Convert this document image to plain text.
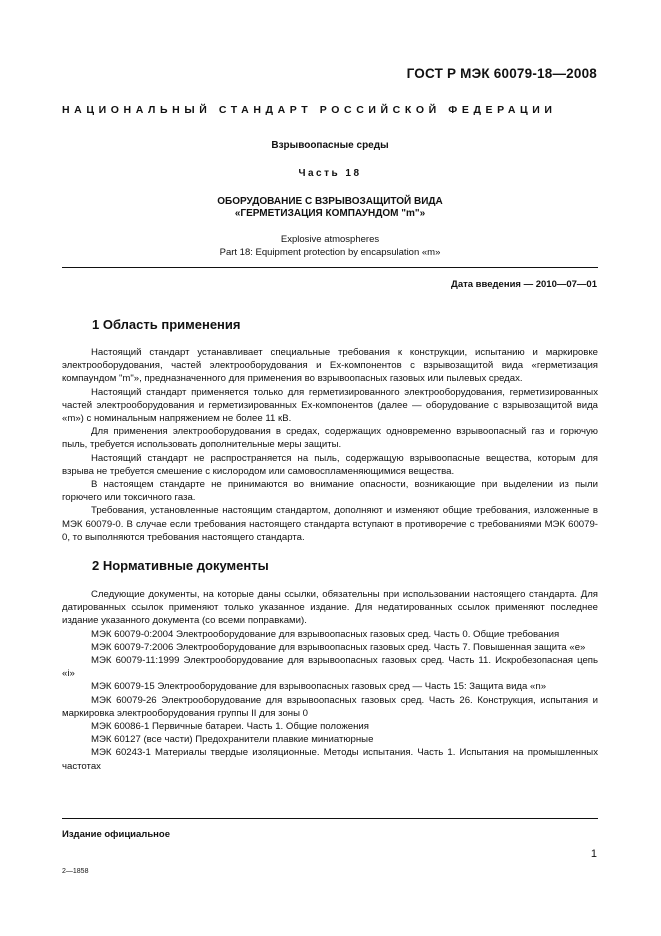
ГОСТ Р МЭК 60079-18—2008
НАЦИОНАЛЬНЫЙ СТАНДАРТ РОССИЙСКОЙ ФЕДЕРАЦИИ
Взрывоопасные среды
Часть 18
ОБОРУДОВАНИЕ С ВЗРЫВОЗАЩИТОЙ ВИДА
«ГЕРМЕТИЗАЦИЯ КОМПАУНДОМ "m"»
Explosive atmospheres
Part 18: Equipment protection by encapsulation «m»
Дата введения — 2010—07—01
1 Область применения

Настоящий стандарт устанавливает специальные требования к конструкции, испытанию и маркировке электрооборудования, частей электрооборудования и Ex-компонентов с взрывозащитой вида «герметизация компаундом "m"», предназначенного для применения во взрывоопасных газовых или пылевых средах.

Настоящий стандарт применяется только для герметизированного электрооборудования, герметизированных частей электрооборудования и герметизированных Ex-компонентов (далее — оборудование с взрывозащитой вида «m») с номинальным напряжением не более 11 кВ.

Для применения электрооборудования в средах, содержащих одновременно взрывоопасный газ и горючую пыль, требуется использовать дополнительные меры защиты.

Настоящий стандарт не распространяется на пыль, содержащую взрывоопасные вещества, которым для взрыва не требуется смешение с кислородом или самовоспламеняющимися вещества.

В настоящем стандарте не принимаются во внимание опасности, возникающие при выделении из пыли горючего или токсичного газа.

Требования, установленные настоящим стандартом, дополняют и изменяют общие требования, изложенные в МЭК 60079-0. В случае если требования настоящего стандарта вступают в противоречие с требованиями МЭК 60079-0, то выполняются требования настоящего стандарта.

2 Нормативные документы

Следующие документы, на которые даны ссылки, обязательны при использовании настоящего стандарта. Для датированных ссылок применяют только указанное издание. Для недатированных ссылок применяют последнее издание указанного документа (со всеми поправками).

МЭК 60079-0:2004 Электрооборудование для взрывоопасных газовых сред. Часть 0. Общие требования

МЭК 60079-7:2006 Электрооборудование для взрывоопасных газовых сред. Часть 7. Повышенная защита «e»

МЭК 60079-11:1999 Электрооборудование для взрывоопасных газовых сред. Часть 11. Искробезопасная цепь «i»

МЭК 60079-15 Электрооборудование для взрывоопасных газовых сред — Часть 15: Защита вида «n»

МЭК 60079-26 Электрооборудование для взрывоопасных газовых сред. Часть 26. Конструкция, испытания и маркировка электрооборудования группы II для зоны 0

МЭК 60086-1 Первичные батареи. Часть 1. Общие положения

МЭК 60127 (все части) Предохранители плавкие миниатюрные

МЭК 60243-1 Материалы твердые изоляционные. Методы испытания. Часть 1. Испытания на промышленных частотах

Издание официальное
2—1858
1
